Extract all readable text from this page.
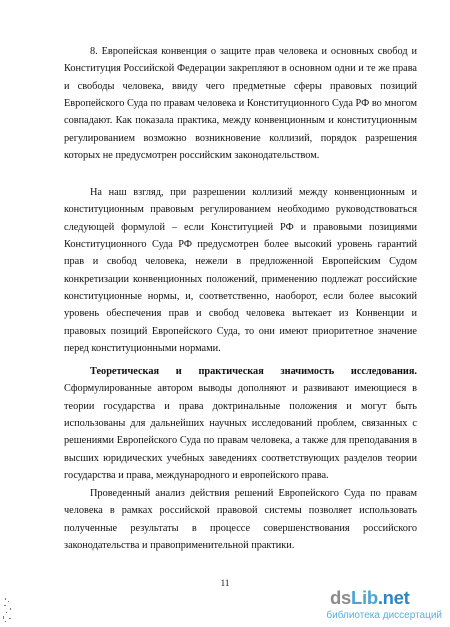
8. Европейская конвенция о защите прав человека и основных свобод и Конституция Российской Федерации закрепляют в основном одни и те же права и свободы человека, ввиду чего предметные сферы правовых позиций Европейского Суда по правам человека и Конституционного Суда РФ во многом совпадают. Как показала практика, между конвенционным и конституционным регулированием возможно возникновение коллизий, порядок разрешения которых не предусмотрен российским законодательством.

На наш взгляд, при разрешении коллизий между конвенционным и конституционным правовым регулированием необходимо руководствоваться следующей формулой – если Конституцией РФ и правовыми позициями Конституционного Суда РФ предусмотрен более высокий уровень гарантий прав и свобод человека, нежели в предложенной Европейским Судом конкретизации конвенционных положений, применению подлежат российские конституционные нормы, и, соответственно, наоборот, если более высокий уровень обеспечения прав и свобод человека вытекает из Конвенции и правовых позиций Европейского Суда, то они имеют приоритетное значение перед конституционными нормами.

Теоретическая и практическая значимость исследования. Сформулированные автором выводы дополняют и развивают имеющиеся в теории государства и права доктринальные положения и могут быть использованы для дальнейших научных исследований проблем, связанных с решениями Европейского Суда по правам человека, а также для преподавания в высших юридических учебных заведениях соответствующих разделов теории государства и права, международного и европейского права.

Проведенный анализ действия решений Европейского Суда по правам человека в рамках российской правовой системы позволяет использовать полученные результаты в процессе совершенствования российского законодательства и правоприменительной практики.

11
dsLib.net
библиотека диссертаций
